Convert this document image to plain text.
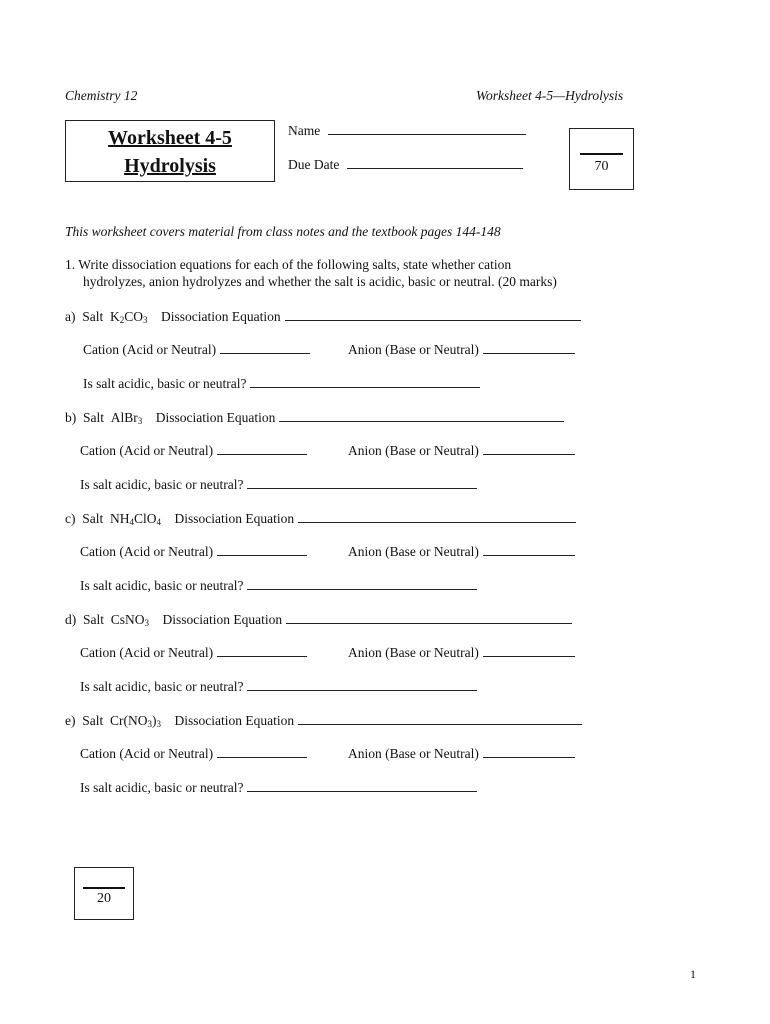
Chemistry 12	Worksheet 4-5—Hydrolysis
Worksheet 4-5
Hydrolysis
Name
Due Date	70
This worksheet covers material from class notes and the textbook pages 144-148
1. Write dissociation equations for each of the following salts, state whether cation
hydrolyzes, anion hydrolyzes and whether the salt is acidic, basic or neutral. (20 marks)
a) Salt $K_2CO_3$ Dissociation Equation
Cation (Acid or Neutral)	Anion (Base or Neutral)
Is salt acidic, basic or neutral?
b) Salt AlBr$_3$ Dissociation Equation
Cation (Acid or Neutral)	Anion (Base or Neutral)
Is salt acidic, basic or neutral?
c) Salt $NH_4ClO_4$ Dissociation Equation
Cation (Acid or Neutral)	Anion (Base or Neutral)
Is salt acidic, basic or neutral?
d) Salt CsNO$_3$ Dissociation Equation
Cation (Acid or Neutral)	Anion (Base or Neutral)
Is salt acidic, basic or neutral?
e) Salt $Cr(NO_3)_3$ Dissociation Equation
Cation (Acid or Neutral)	Anion (Base or Neutral)
Is salt acidic, basic or neutral?
20
1
